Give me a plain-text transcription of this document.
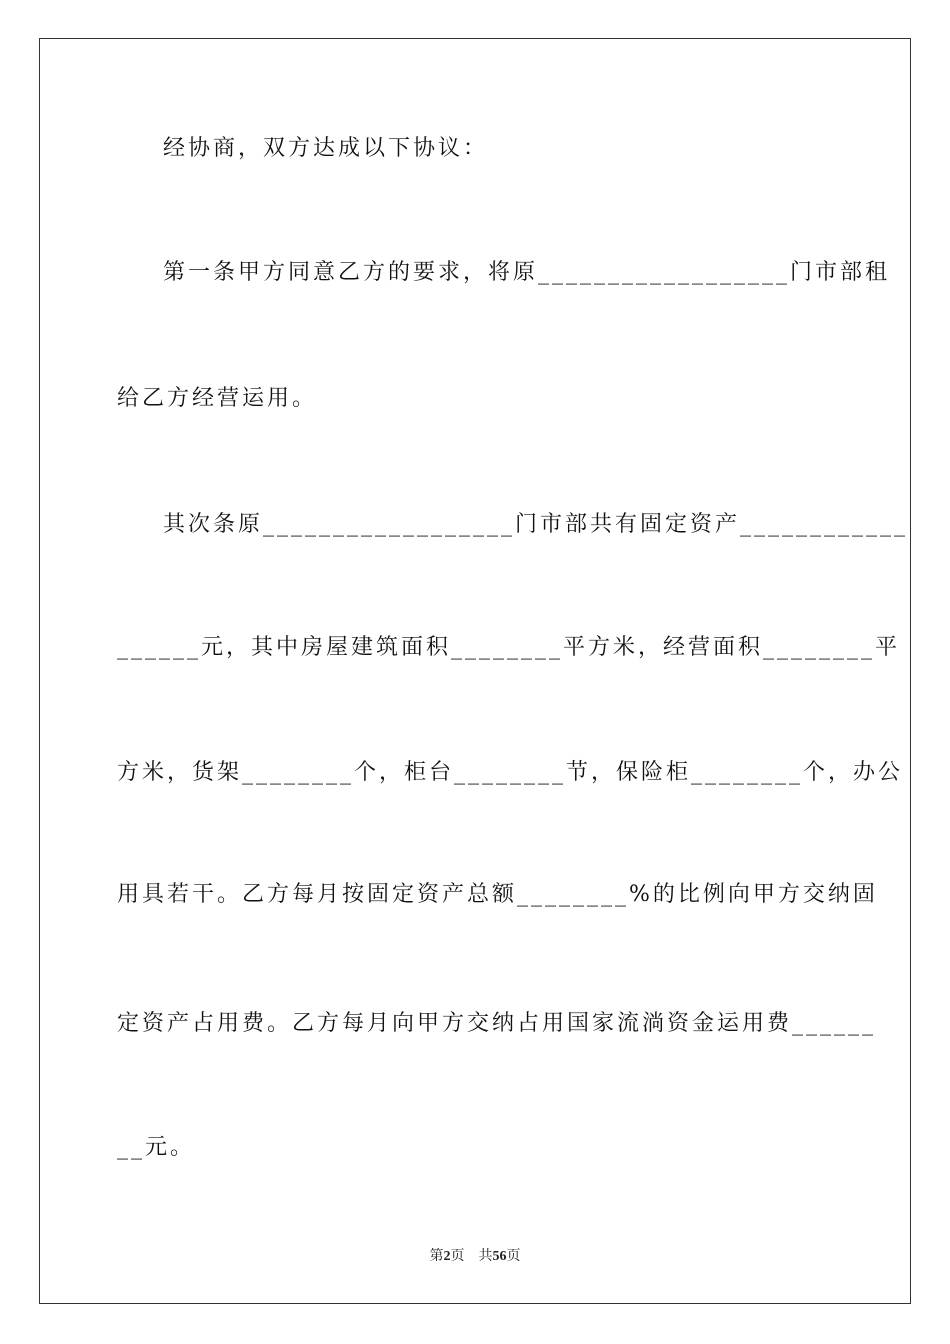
经协商，双方达成以下协议：
第一条甲方同意乙方的要求，将原__________________门市部租
给乙方经营运用。
其次条原__________________门市部共有固定资产____________
______元，其中房屋建筑面积________平方米，经营面积________平
方米，货架________个，柜台________节，保险柜________个，办公
用具若干。乙方每月按固定资产总额________%的比例向甲方交纳固
定资产占用费。乙方每月向甲方交纳占用国家流淌资金运用费______
__元。
第2页 共56页
